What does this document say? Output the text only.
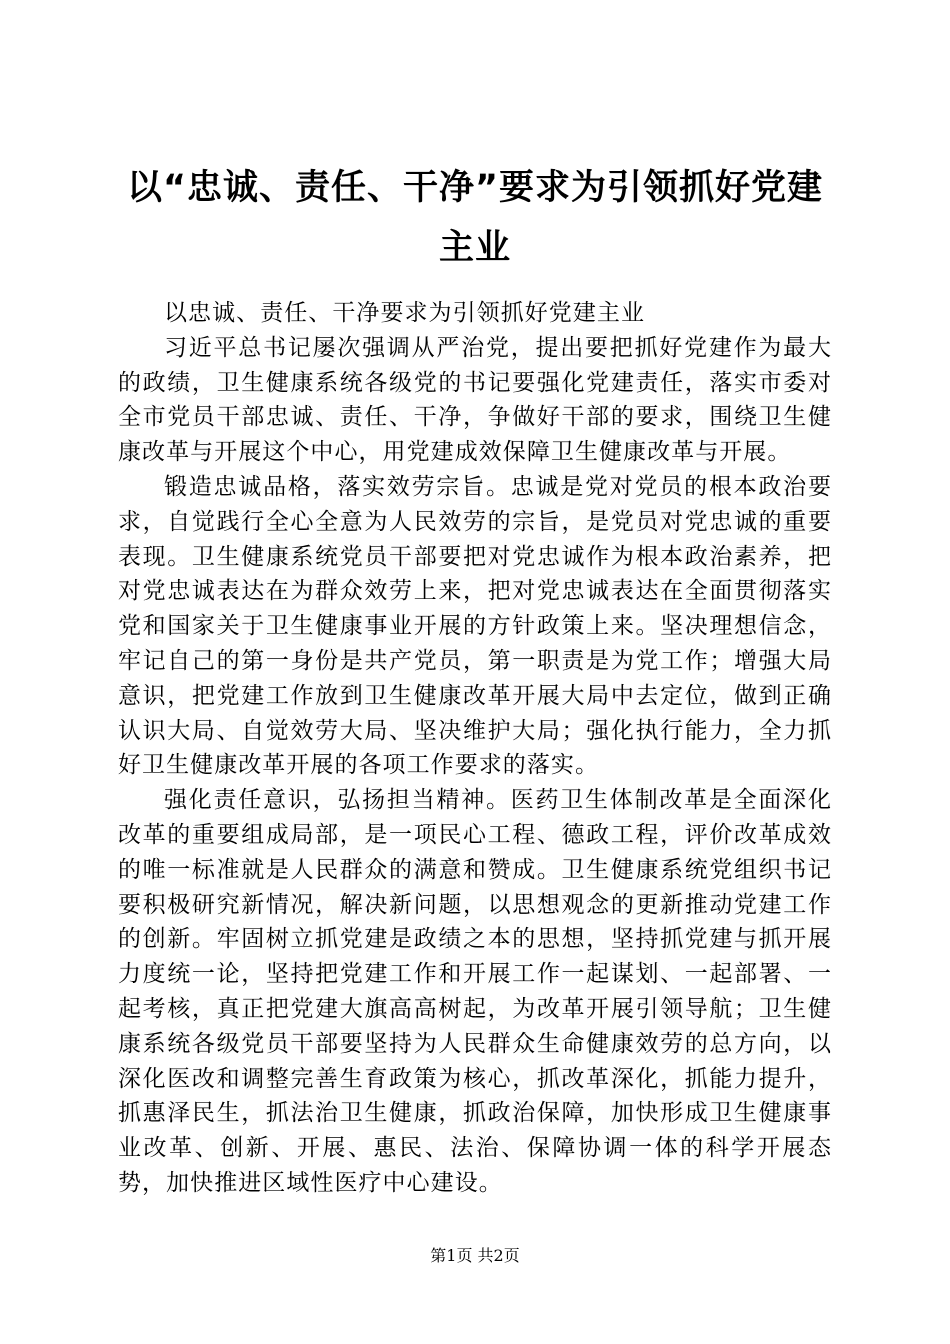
以“忠诚、责任、干净”要求为引领抓好党建主业

以忠诚、责任、干净要求为引领抓好党建主业

习近平总书记屡次强调从严治党，提出要把抓好党建作为最大的政绩，卫生健康系统各级党的书记要强化党建责任，落实市委对全市党员干部忠诚、责任、干净，争做好干部的要求，围绕卫生健康改革与开展这个中心，用党建成效保障卫生健康改革与开展。

锻造忠诚品格，落实效劳宗旨。忠诚是党对党员的根本政治要求，自觉践行全心全意为人民效劳的宗旨，是党员对党忠诚的重要表现。卫生健康系统党员干部要把对党忠诚作为根本政治素养，把对党忠诚表达在为群众效劳上来，把对党忠诚表达在全面贯彻落实党和国家关于卫生健康事业开展的方针政策上来。坚决理想信念，牢记自己的第一身份是共产党员，第一职责是为党工作；增强大局意识，把党建工作放到卫生健康改革开展大局中去定位，做到正确认识大局、自觉效劳大局、坚决维护大局；强化执行能力，全力抓好卫生健康改革开展的各项工作要求的落实。

强化责任意识，弘扬担当精神。医药卫生体制改革是全面深化改革的重要组成局部，是一项民心工程、德政工程，评价改革成效的唯一标准就是人民群众的满意和赞成。卫生健康系统党组织书记要积极研究新情况，解决新问题，以思想观念的更新推动党建工作的创新。牢固树立抓党建是政绩之本的思想，坚持抓党建与抓开展力度统一论，坚持把党建工作和开展工作一起谋划、一起部署、一起考核，真正把党建大旗高高树起，为改革开展引领导航；卫生健康系统各级党员干部要坚持为人民群众生命健康效劳的总方向，以深化医改和调整完善生育政策为核心，抓改革深化，抓能力提升，抓惠泽民生，抓法治卫生健康，抓政治保障，加快形成卫生健康事业改革、创新、开展、惠民、法治、保障协调一体的科学开展态势，加快推进区域性医疗中心建设。

第1页 共2页
